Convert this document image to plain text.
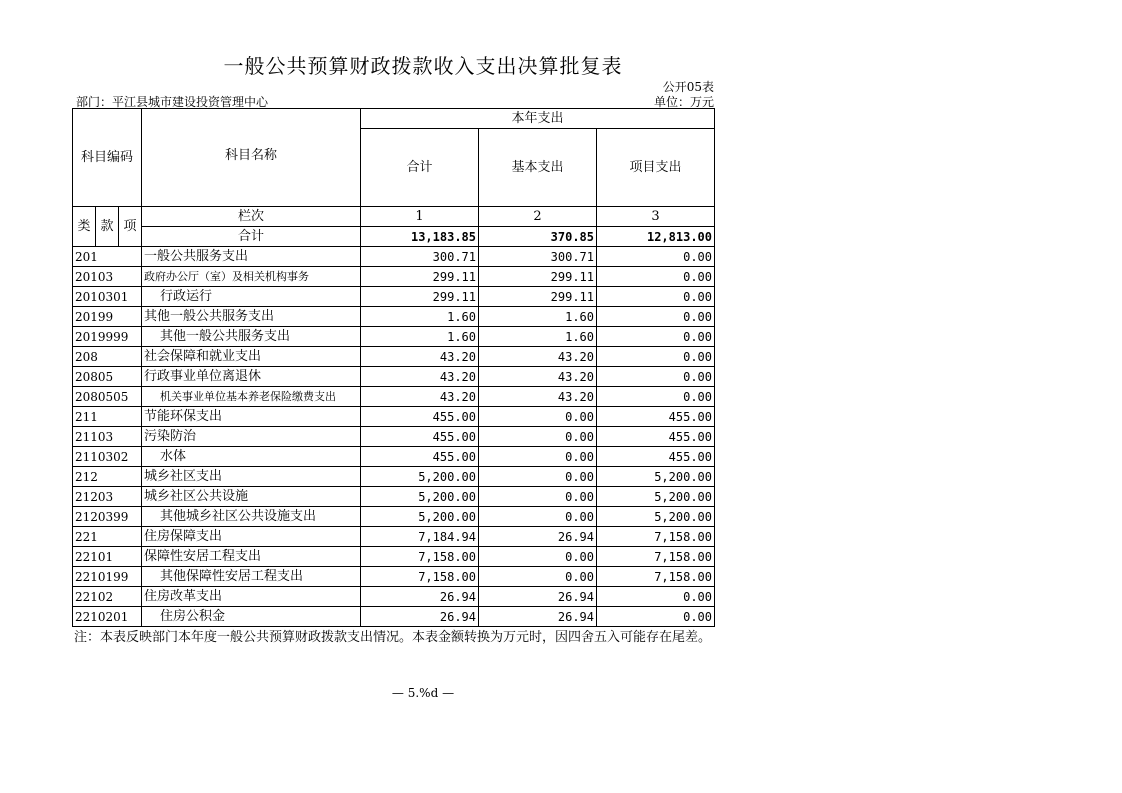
一般公共预算财政拨款收入支出决算批复表
公开05表
部门：平江县城市建设投资管理中心	单位：万元
科目编码			科目名称	本年支出		
				合计	基本支出	项目支出
类	款	项	栏次	1	2	3
			合计	13,183.85	370.85	12,813.00
201			一般公共服务支出	300.71	300.71	0.00
20103			政府办公厅（室）及相关机构事务	299.11	299.11	0.00
2010301			行政运行	299.11	299.11	0.00
20199			其他一般公共服务支出	1.60	1.60	0.00
2019999			其他一般公共服务支出	1.60	1.60	0.00
208			社会保障和就业支出	43.20	43.20	0.00
20805			行政事业单位离退休	43.20	43.20	0.00
2080505			机关事业单位基本养老保险缴费支出	43.20	43.20	0.00
211			节能环保支出	455.00	0.00	455.00
21103			污染防治	455.00	0.00	455.00
2110302			水体	455.00	0.00	455.00
212			城乡社区支出	5,200.00	0.00	5,200.00
21203			城乡社区公共设施	5,200.00	0.00	5,200.00
2120399			其他城乡社区公共设施支出	5,200.00	0.00	5,200.00
221			住房保障支出	7,184.94	26.94	7,158.00
22101			保障性安居工程支出	7,158.00	0.00	7,158.00
2210199			其他保障性安居工程支出	7,158.00	0.00	7,158.00
22102			住房改革支出	26.94	26.94	0.00
2210201			住房公积金	26.94	26.94	0.00
注：本表反映部门本年度一般公共预算财政拨款支出情况。本表金额转换为万元时，因四舍五入可能存在尾差。
— 5.%d —
